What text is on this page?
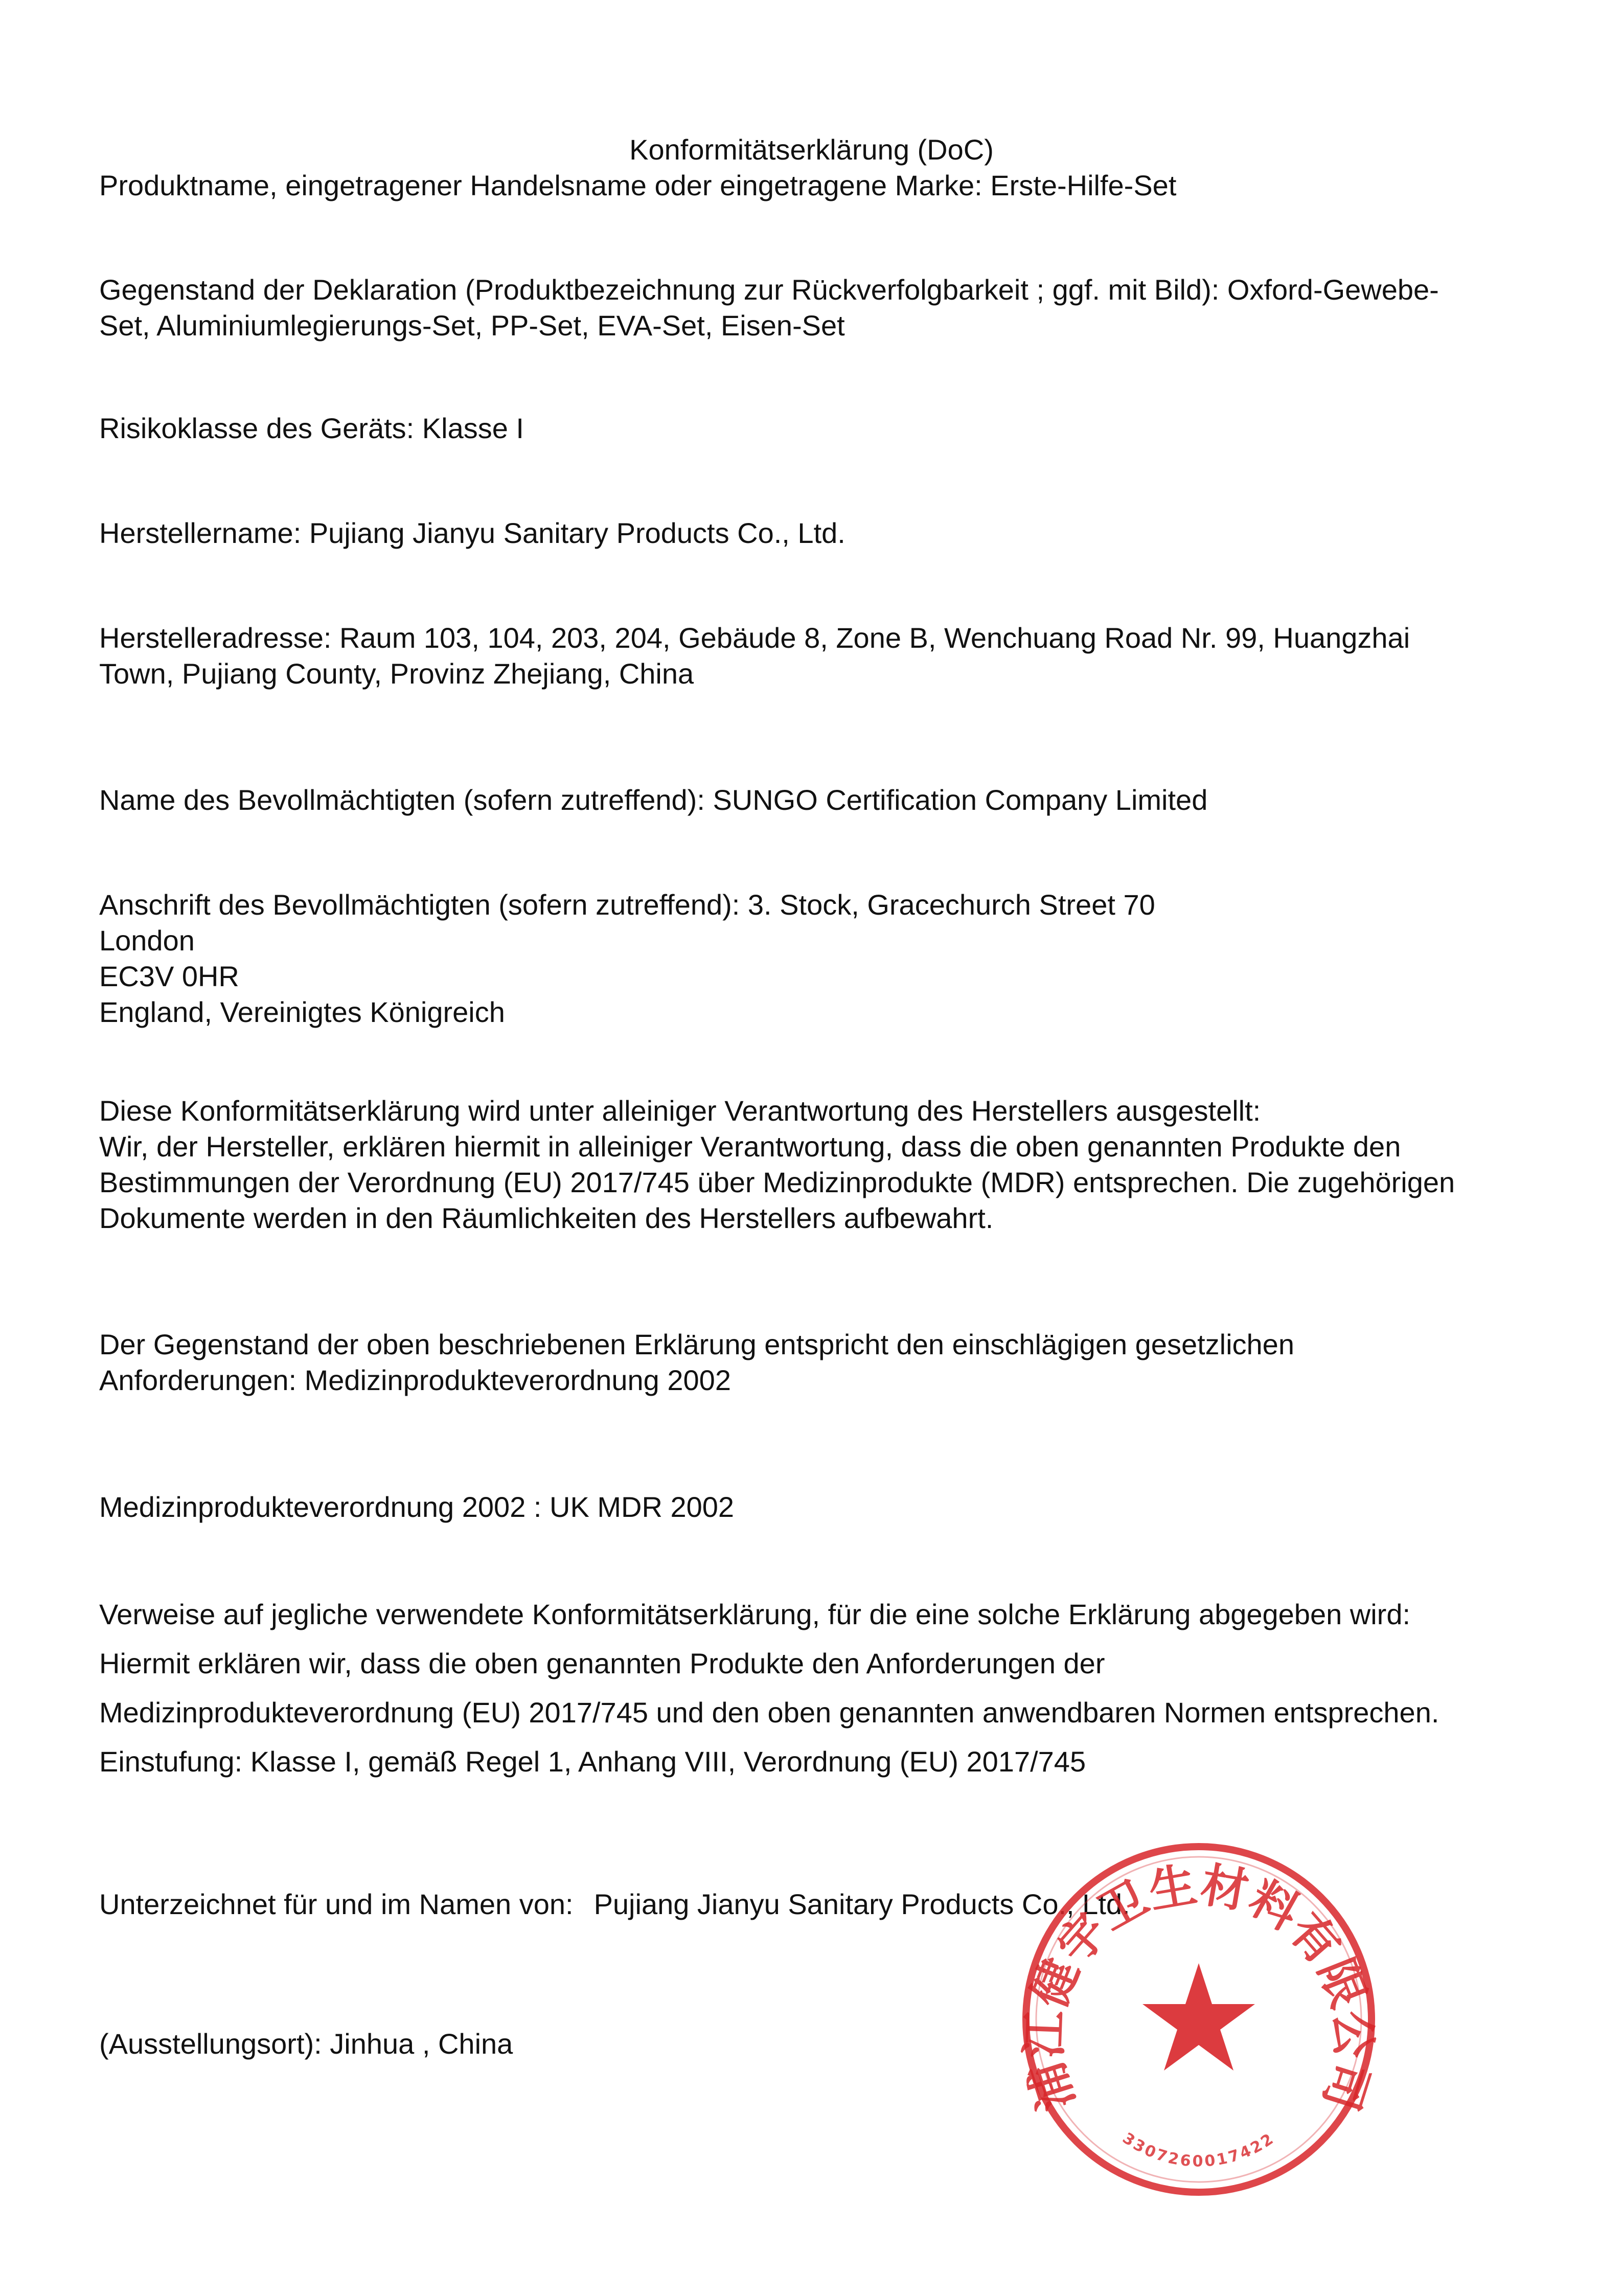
Konformitätserklärung (DoC)
Produktname, eingetragener Handelsname oder eingetragene Marke: Erste-Hilfe-Set
Gegenstand der Deklaration (Produktbezeichnung zur Rückverfolgbarkeit ; ggf. mit Bild): Oxford-Gewebe-
Set, Aluminiumlegierungs-Set, PP-Set, EVA-Set, Eisen-Set
Risikoklasse des Geräts: Klasse I
Herstellername: Pujiang Jianyu Sanitary Products Co., Ltd.
Herstelleradresse: Raum 103, 104, 203, 204, Gebäude 8, Zone B, Wenchuang Road Nr. 99, Huangzhai
Town, Pujiang County, Provinz Zhejiang, China
Name des Bevollmächtigten (sofern zutreffend): SUNGO Certification Company Limited
Anschrift des Bevollmächtigten (sofern zutreffend): 3. Stock, Gracechurch Street 70
London
EC3V 0HR
England, Vereinigtes Königreich
Diese Konformitätserklärung wird unter alleiniger Verantwortung des Herstellers ausgestellt:
Wir, der Hersteller, erklären hiermit in alleiniger Verantwortung, dass die oben genannten Produkte den
Bestimmungen der Verordnung (EU) 2017/745 über Medizinprodukte (MDR) entsprechen. Die zugehörigen
Dokumente werden in den Räumlichkeiten des Herstellers aufbewahrt.
Der Gegenstand der oben beschriebenen Erklärung entspricht den einschlägigen gesetzlichen
Anforderungen: Medizinprodukteverordnung 2002
Medizinprodukteverordnung 2002 : UK MDR 2002
Verweise auf jegliche verwendete Konformitätserklärung, für die eine solche Erklärung abgegeben wird:
Hiermit erklären wir, dass die oben genannten Produkte den Anforderungen der
Medizinprodukteverordnung (EU) 2017/745 und den oben genannten anwendbaren Normen entsprechen.
Einstufung: Klasse I, gemäß Regel 1, Anhang VIII, Verordnung (EU) 2017/745
Unterzeichnet für und im Namen von: Pujiang Jianyu Sanitary Products Co., Ltd.
(Ausstellungsort): Jinhua , China
浦江健宇卫生材料有限公司
3307260017422
